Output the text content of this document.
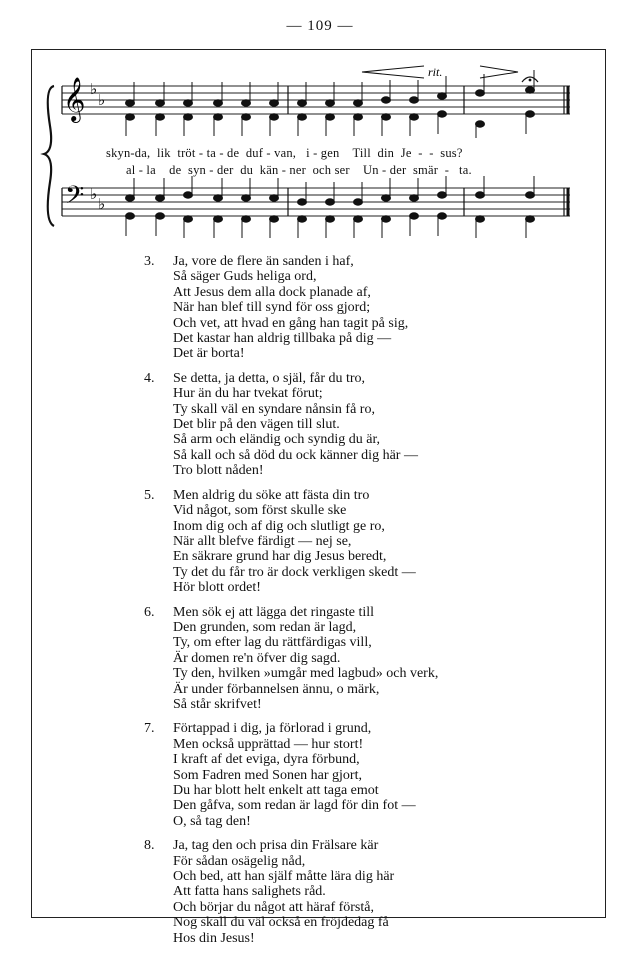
— 109 —
𝄞
𝄢
♭
♭
♭
♭
rit.
skyn-da,  lik  tröt - ta - de  duf - van,   i - gen    Till  din  Je  -  -  sus?
al - la    de  syn - der  du  kän - ner  och ser    Un - der  smär  -   ta.
3. Ja, vore de flere än sanden i haf,
Så säger Guds heliga ord,
Att Jesus dem alla dock planade af,
När han blef till synd för oss gjord;
Och vet, att hvad en gång han tagit på sig,
Det kastar han aldrig tillbaka på dig —
Det är borta!
4. Se detta, ja detta, o själ, får du tro,
Hur än du har tvekat förut;
Ty skall väl en syndare nånsin få ro,
Det blir på den vägen till slut.
Så arm och eländig och syndig du är,
Så kall och så död du ock känner dig här —
Tro blott nåden!
5. Men aldrig du söke att fästa din tro
Vid något, som först skulle ske
Inom dig och af dig och slutligt ge ro,
När allt blefve färdigt — nej se,
En säkrare grund har dig Jesus beredt,
Ty det du får tro är dock verkligen skedt —
Hör blott ordet!
6. Men sök ej att lägga det ringaste till
Den grunden, som redan är lagd,
Ty, om efter lag du rättfärdigas vill,
Är domen re'n öfver dig sagd.
Ty den, hvilken »umgår med lagbud» och verk,
Är under förbannelsen ännu, o märk,
Så står skrifvet!
7. Förtappad i dig, ja förlorad i grund,
Men också upprättad — hur stort!
I kraft af det eviga, dyra förbund,
Som Fadren med Sonen har gjort,
Du har blott helt enkelt att taga emot
Den gåfva, som redan är lagd för din fot —
O, så tag den!
8. Ja, tag den och prisa din Frälsare kär
För sådan osägelig nåd,
Och bed, att han själf måtte lära dig här
Att fatta hans salighets råd.
Och börjar du något att häraf förstå,
Nog skall du väl också en fröjdedag få
Hos din Jesus!
